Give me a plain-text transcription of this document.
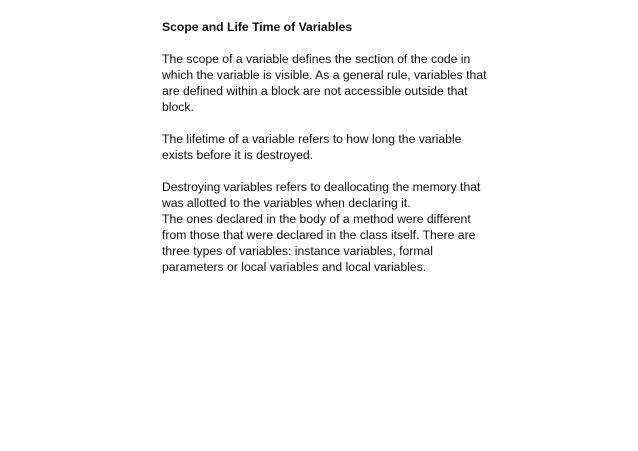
Scope and Life Time of Variables
The scope of a variable defines the section of the code in
which the variable is visible. As a general rule, variables that
are defined within a block are not accessible outside that
block.
The lifetime of a variable refers to how long the variable
exists before it is destroyed.
Destroying variables refers to deallocating the memory that
was allotted to the variables when declaring it.
The ones declared in the body of a method were different
from those that were declared in the class itself. There are
three types of variables: instance variables, formal
parameters or local variables and local variables.
